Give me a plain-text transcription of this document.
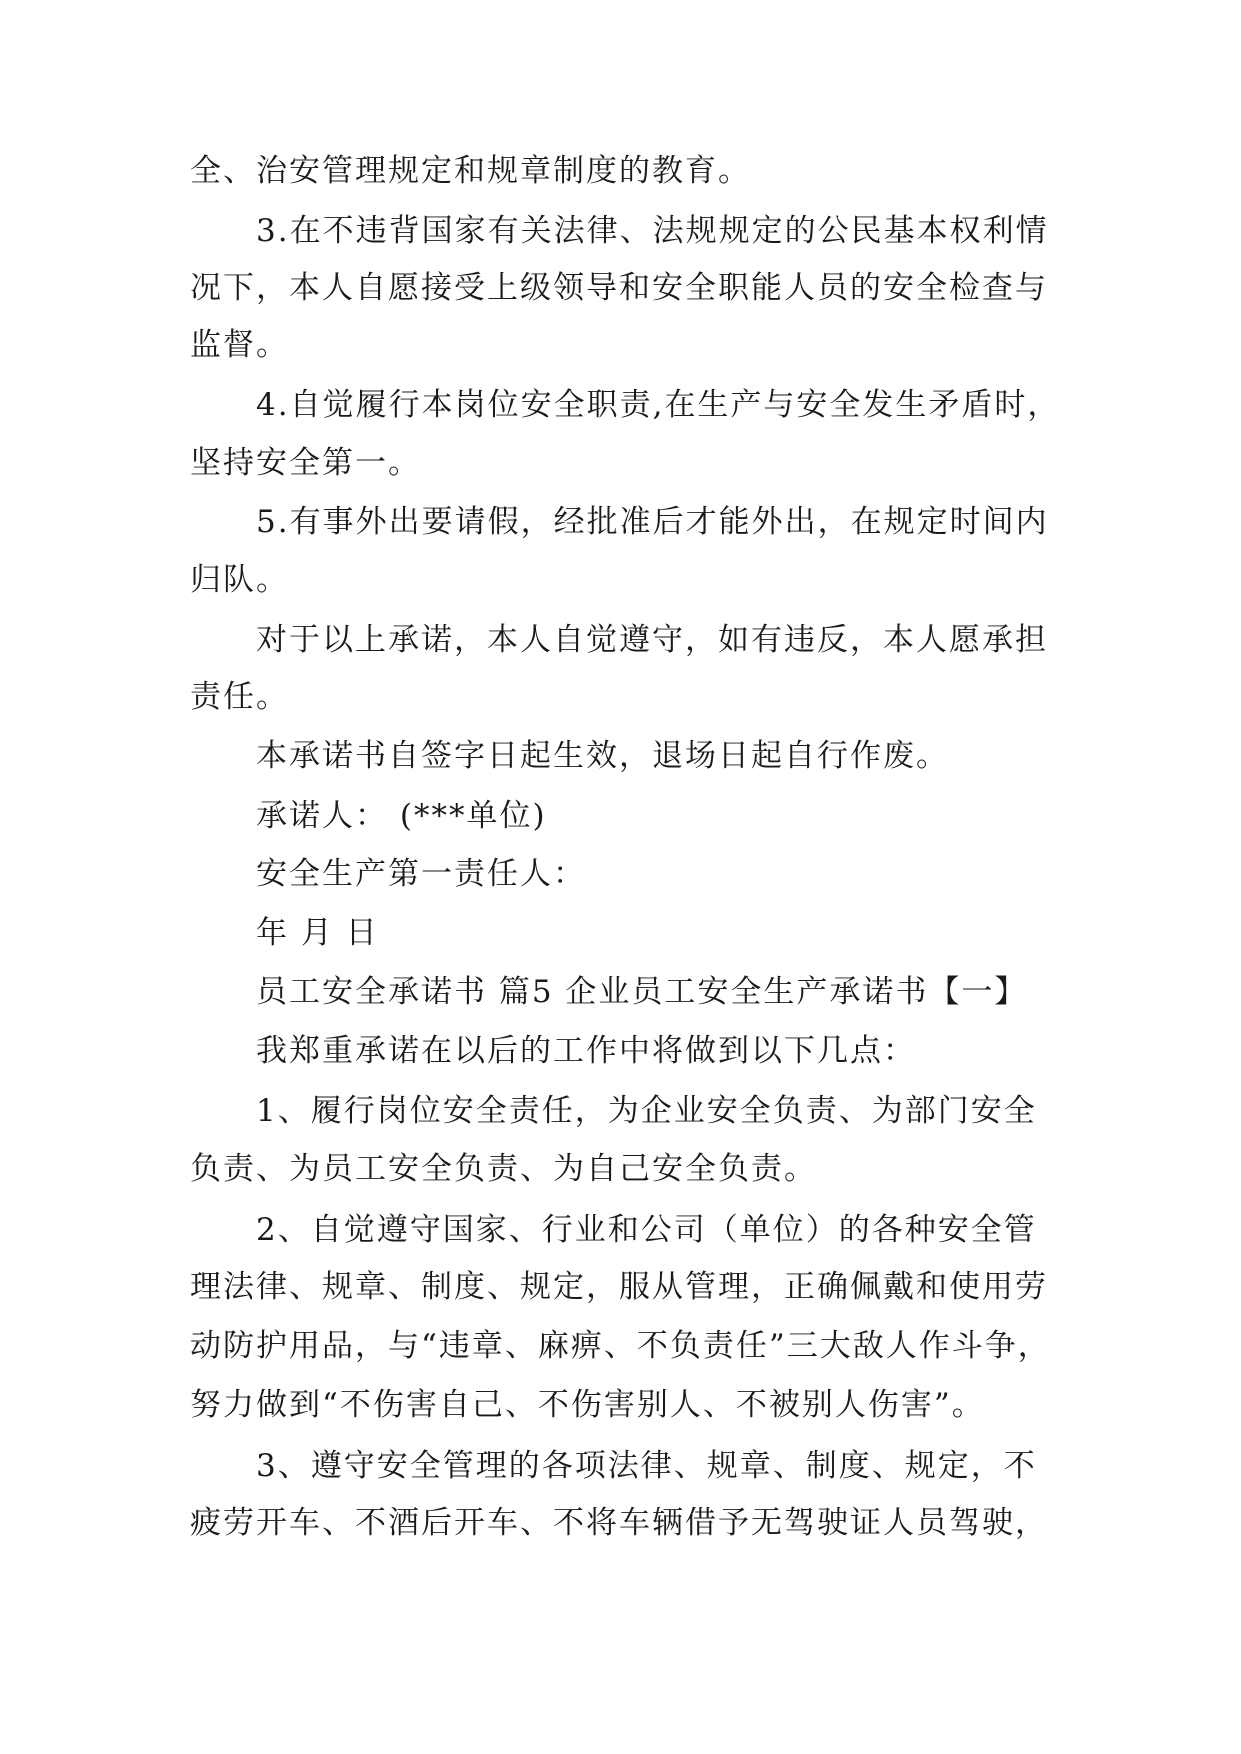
全、治安管理规定和规章制度的教育。
3.在不违背国家有关法律、法规规定的公民基本权利情
况下，本人自愿接受上级领导和安全职能人员的安全检查与
监督。
4.自觉履行本岗位安全职责,在生产与安全发生矛盾时，
坚持安全第一。
5.有事外出要请假，经批准后才能外出，在规定时间内
归队。
对于以上承诺，本人自觉遵守，如有违反，本人愿承担
责任。
本承诺书自签字日起生效，退场日起自行作废。
承诺人： (***单位)
安全生产第一责任人：
年 月 日
员工安全承诺书 篇5 企业员工安全生产承诺书【一】
我郑重承诺在以后的工作中将做到以下几点：
1、履行岗位安全责任，为企业安全负责、为部门安全
负责、为员工安全负责、为自己安全负责。
2、自觉遵守国家、行业和公司（单位）的各种安全管
理法律、规章、制度、规定，服从管理，正确佩戴和使用劳
动防护用品，与“违章、麻痹、不负责任”三大敌人作斗争，
努力做到“不伤害自己、不伤害别人、不被别人伤害”。
3、遵守安全管理的各项法律、规章、制度、规定，不
疲劳开车、不酒后开车、不将车辆借予无驾驶证人员驾驶，
